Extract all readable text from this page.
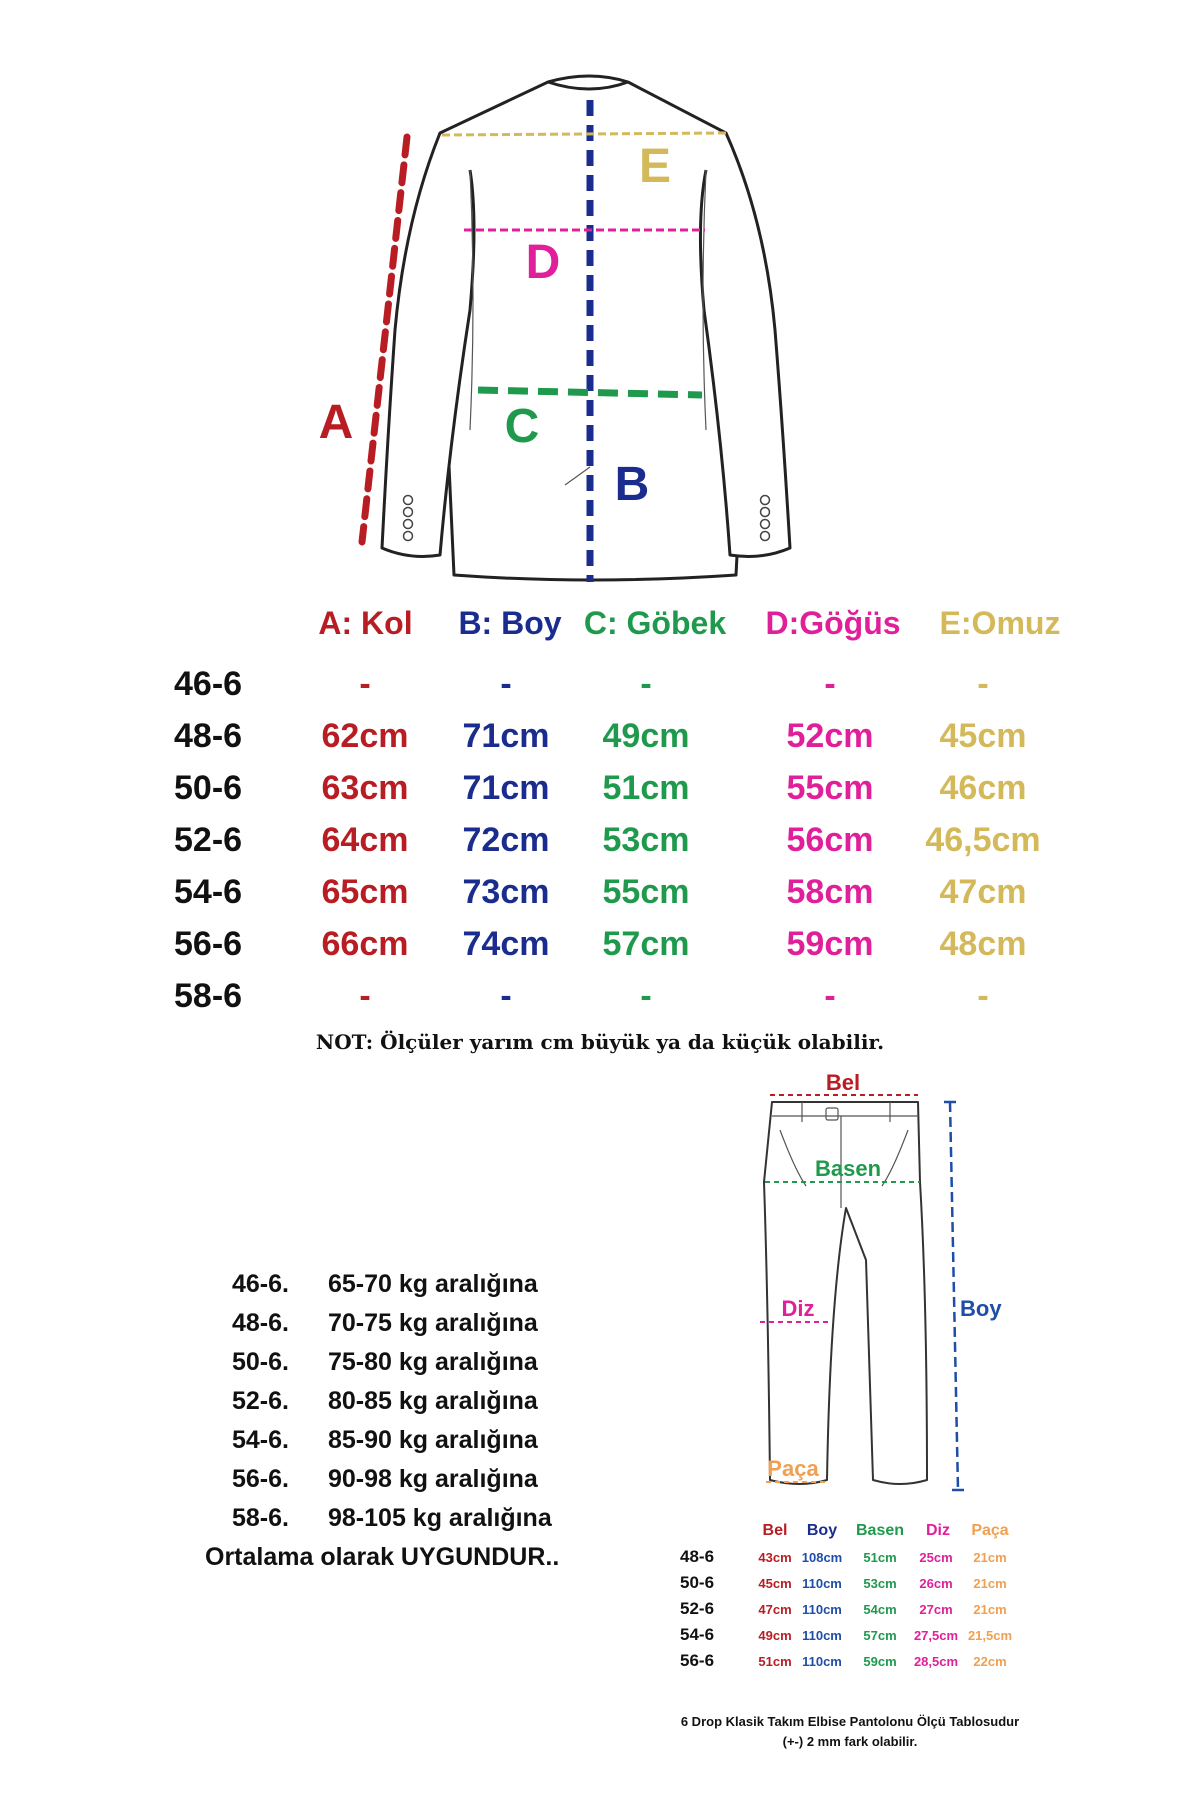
A
B
C
D
E
A: Kol	B: Boy C: Göbek	D:Göğüs	E:Omuz
46-6	-	-	-	-	-
48-6	62cm	71cm	49cm	52cm	45cm
50-6	63cm	71cm	51cm	55cm	46cm
52-6	64cm	72cm	53cm	56cm	46,5cm
54-6	65cm	73cm	55cm	58cm	47cm
56-6	66cm	74cm	57cm	59cm	48cm
58-6	-	-	-	-	-
NOT: Ölçüler yarım cm büyük ya da küçük olabilir.
Bel
Basen
Diz	Boy
Paça
46-6. 65-70 kg aralığına
48-6. 70-75 kg aralığına
50-6. 75-80 kg aralığına
52-6. 80-85 kg aralığına
54-6. 85-90 kg aralığına
56-6. 90-98 kg aralığına
58-6. 98-105 kg aralığına
Ortalama olarak UYGUNDUR..
Bel	Boy	Basen	Diz	Paça
48-6	43cm 108cm	51cm	25cm	21cm
50-6	45cm 110cm	53cm	26cm	21cm
52-6	47cm 110cm	54cm	27cm	21cm
54-6	49cm 110cm	57cm	27,5cm 21,5cm
56-6	51cm 110cm	59cm	28,5cm	22cm
6 Drop Klasik Takım Elbise Pantolonu Ölçü Tablosudur
(+-) 2 mm fark olabilir.
